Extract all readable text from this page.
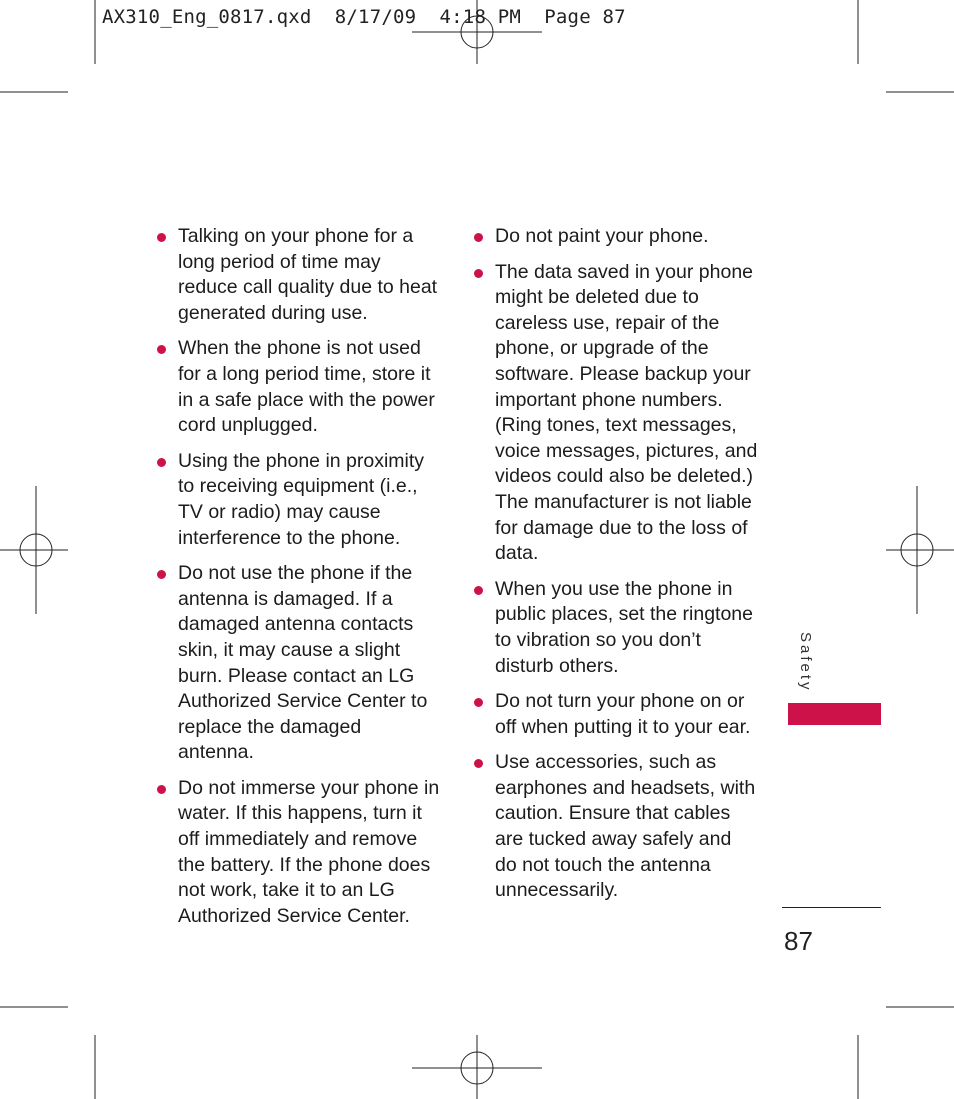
AX310_Eng_0817.qxd  8/17/09  4:18 PM  Page 87
Talking on your phone for a long period of time may reduce call quality due to heat generated during use.
When the phone is not used for a long period time, store it in a safe place with the power cord unplugged.
Using the phone in proximity to receiving equipment (i.e., TV or radio) may cause interference to the phone.
Do not use the phone if the antenna is damaged. If a damaged antenna contacts skin, it may cause a slight burn. Please contact an LG Authorized Service Center to replace the damaged antenna.
Do not immerse your phone in water. If this happens, turn it off immediately and remove the battery. If the phone does not work, take it to an LG Authorized Service Center.
Do not paint your phone.
The data saved in your phone might be deleted due to careless use, repair of the phone, or upgrade of the software. Please backup your important phone numbers. (Ring tones, text messages, voice messages, pictures, and videos could also be deleted.) The manufacturer is not liable for damage due to the loss of data.
When you use the phone in public places, set the ringtone to vibration so you don’t disturb others.
Do not turn your phone on or off when putting it to your ear.
Use accessories, such as earphones and headsets, with caution. Ensure that cables are tucked away safely and do not touch the antenna unnecessarily.
Safety
87
